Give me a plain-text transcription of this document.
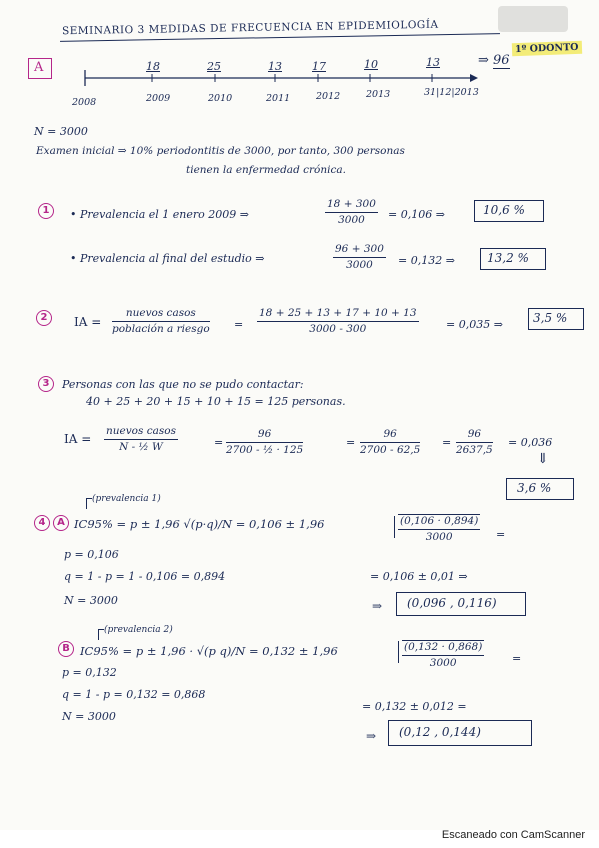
SEMINARIO 3 MEDIDAS DE FRECUENCIA EN EPIDEMIOLOGÍA
1º ODONTO
A	18	25	13	17	10	13	⇒ 96
2008	2009	2010	2011	2012	2013	31|12|2013
N = 3000
Examen inicial ⇒ 10% periodontitis de 3000, por tanto, 300 personas
tienen la enfermedad crónica.
1	• Prevalencia el 1 enero 2009 ⇒	$\frac{18 + 300}{3000} = 0,106$ ⇒	10,6 %
• Prevalencia al final del estudio ⇒	$\frac{96 + 300}{3000} = 0,132$ ⇒	13,2 %
2	IA =
nuevos casos
población a riesgo = $\frac{18 + 25 + 13 + 17 + 10 + 13}{3000 - 300} = 0,035$ ⇒	3,5 %
3	Personas con las que no se pudo contactar:
40 + 25 + 20 + 15 + 10 + 15 = 125 personas.
IA =
nuevos casos
N - ½ W	= $\frac{96}{\text{2700 - ½ · 125}}$	= $\frac{96}{2700 - 62,5} = \frac{96}{2637,5} = 0,036$
⇓
3,6 %
(prevalencia 1)
4	A IC95% = p ± 1,96 √(p·q)/N = 0,106 ± 1,96	$\frac{(0,106 \cdot 0,894)}{3000}$ =
p = 0,106
q = 1 - p = 1 - 0,106 = 0,894
N = 3000
= 0,106 ± 0,01 ⇒
⇒ (0,096 , 0,116)
(prevalencia 2)
B IC95% = p ± 1,96 · √(p q)/N = 0,132 ± 1,96	$\frac{(0,132 \cdot 0,868)}{3000}$	=
p = 0,132
q = 1 - p = 0,132 = 0,868
N = 3000
= 0,132 ± 0,012 =
⇒ (0,12 , 0,144)
Escaneado con CamScanner
